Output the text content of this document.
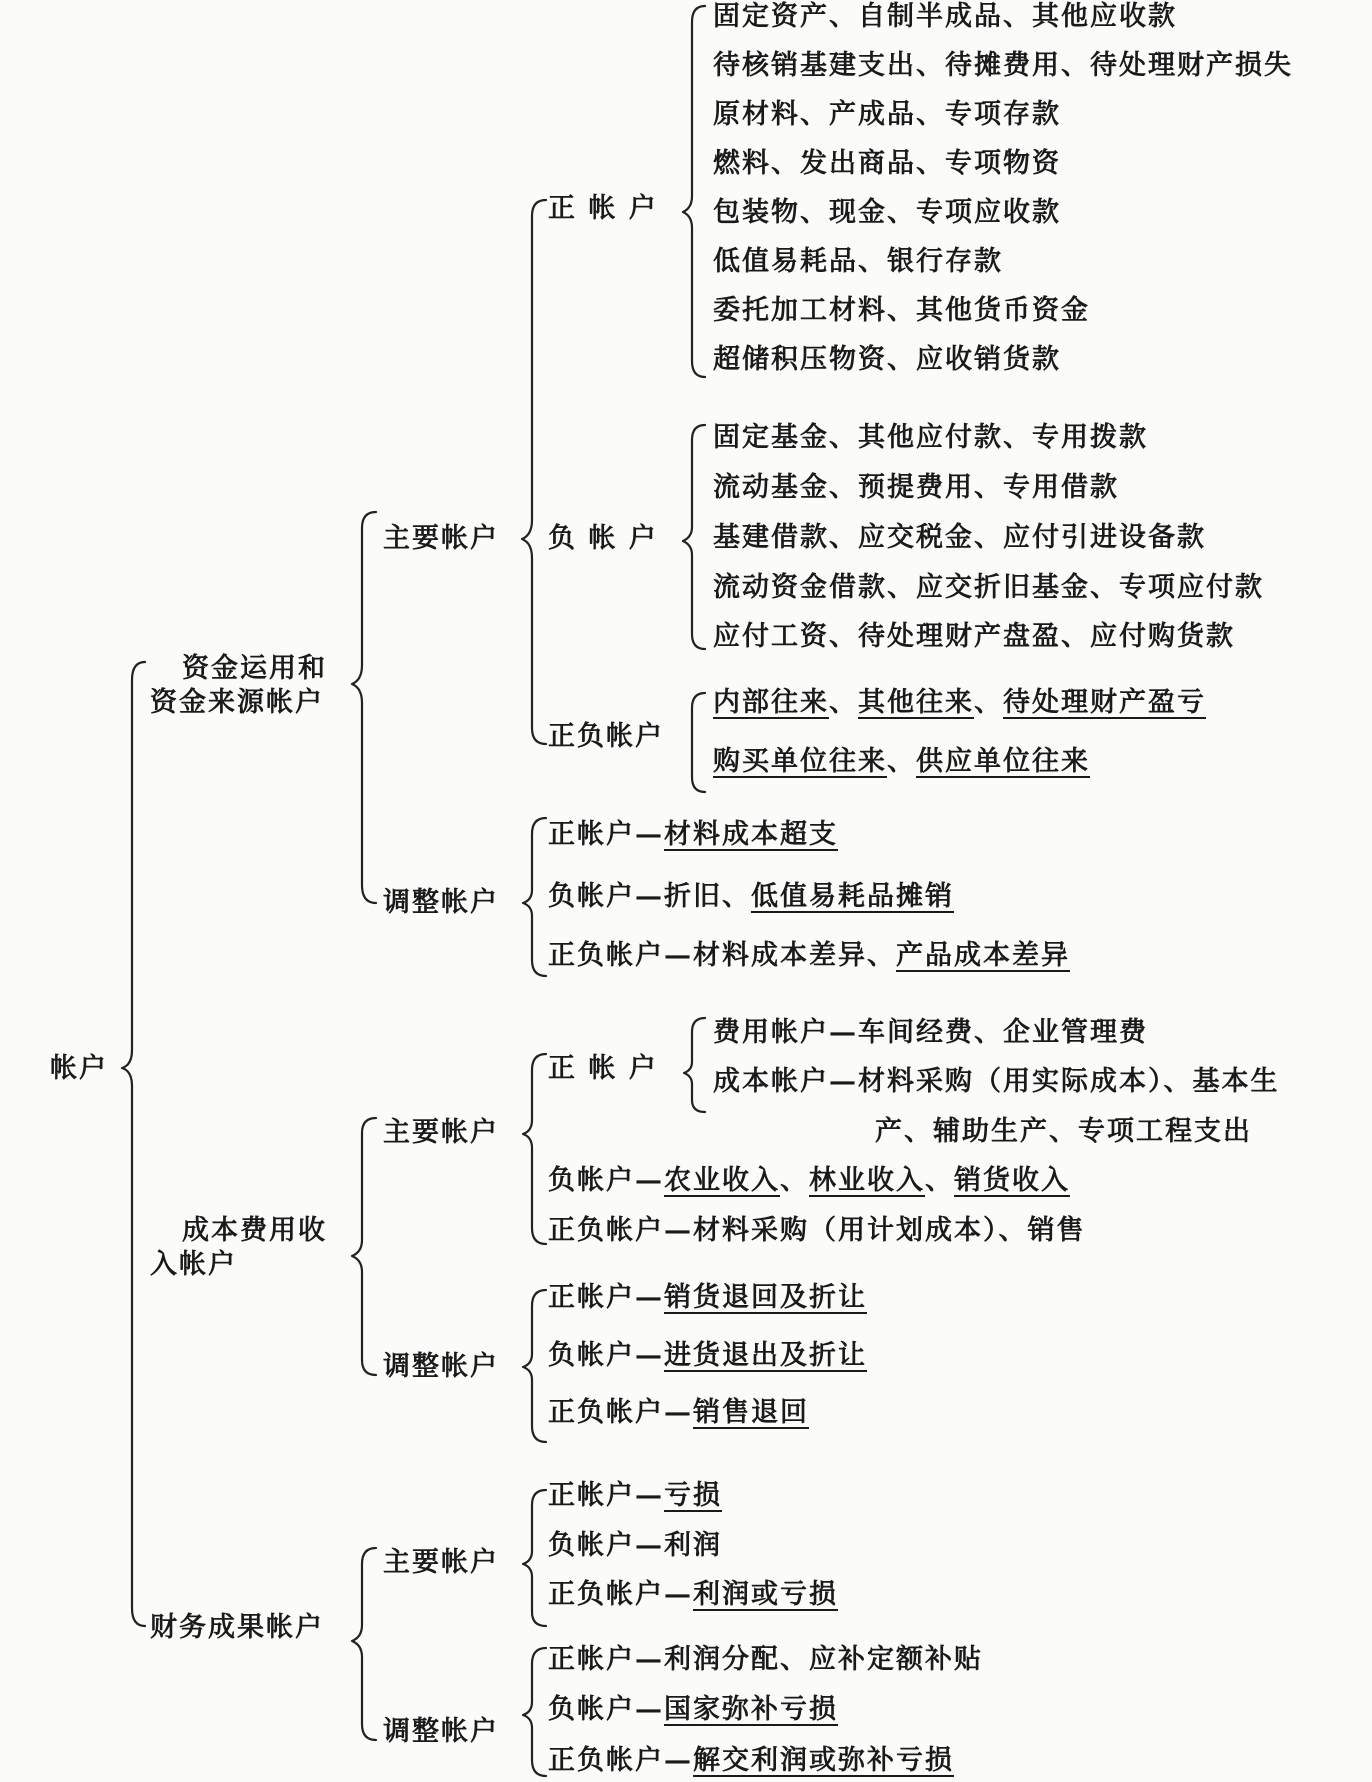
帐户
资金运用和
资金来源帐户
主要帐户
正 帐 户
固定资产、自制半成品、其他应收款
待核销基建支出、待摊费用、待处理财产损失
原材料、产成品、专项存款
燃料、发出商品、专项物资
包装物、现金、专项应收款
低值易耗品、银行存款
委托加工材料、其他货币资金
超储积压物资、应收销货款
负 帐 户
固定基金、其他应付款、专用拨款
流动基金、预提费用、专用借款
基建借款、应交税金、应付引进设备款
流动资金借款、应交折旧基金、专项应付款
应付工资、待处理财产盘盈、应付购货款
正负帐户
内部往来、其他往来、待处理财产盈亏
购买单位往来、供应单位往来
调整帐户
正帐户—材料成本超支
负帐户—折旧、低值易耗品摊销
正负帐户—材料成本差异、产品成本差异
成本费用收
入帐户
主要帐户
正 帐 户
费用帐户—车间经费、企业管理费
成本帐户—材料采购（用实际成本）、基本生
产、辅助生产、专项工程支出
负帐户—农业收入、林业收入、销货收入
正负帐户—材料采购（用计划成本）、销售
调整帐户
正帐户—销货退回及折让
负帐户—进货退出及折让
正负帐户—销售退回
财务成果帐户
主要帐户
正帐户—亏损
负帐户—利润
正负帐户—利润或亏损
调整帐户
正帐户—利润分配、应补定额补贴
负帐户—国家弥补亏损
正负帐户—解交利润或弥补亏损
